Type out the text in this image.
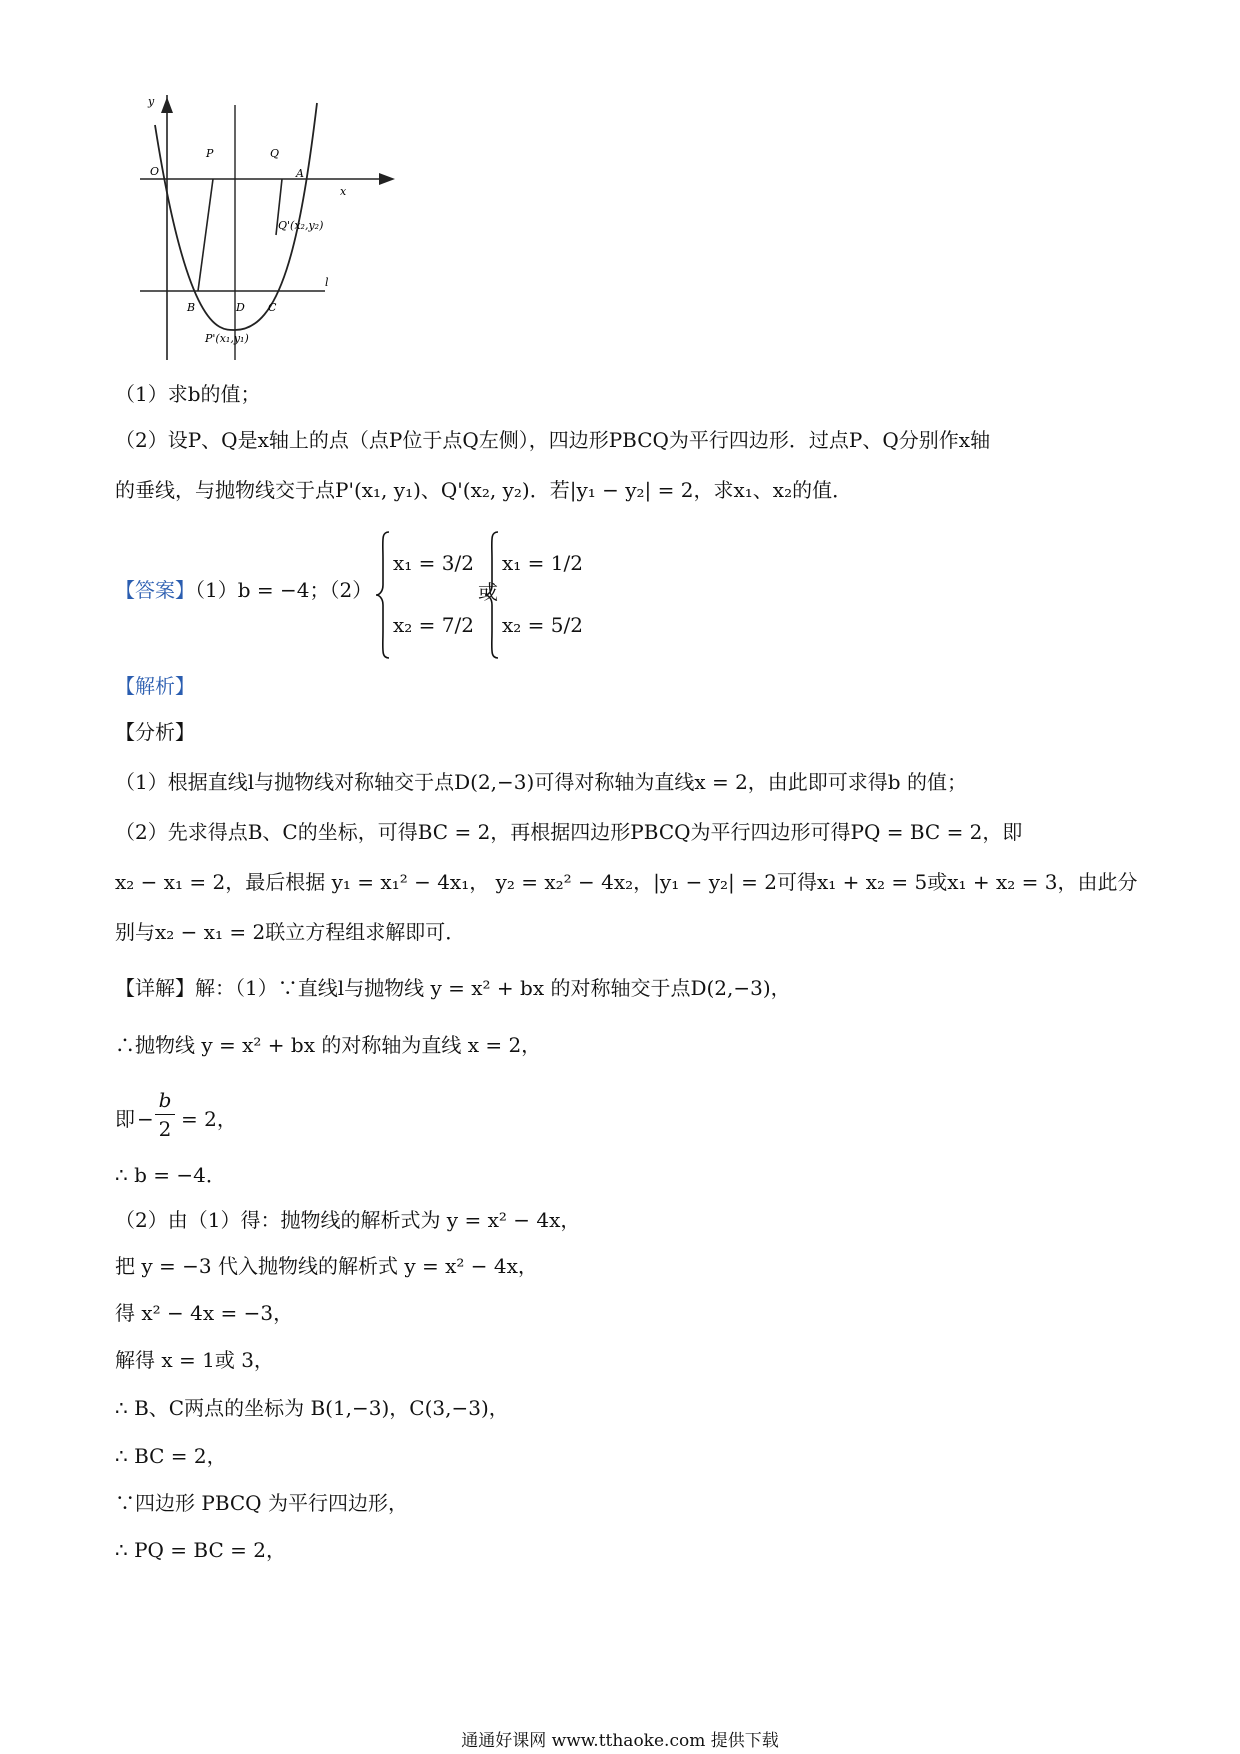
y
x
O
P	Q
A
Q'(x₂,y₂)
l
B	D C
P'(x₁,y₁)
（1）求b的值；
（2）设P、Q是x轴上的点（点P位于点Q左侧），四边形PBCQ为平行四边形．过点P、Q分别作x轴
的垂线，与抛物线交于点P'(x₁, y₁)、Q'(x₂, y₂)．若|y₁ − y₂| = 2，求x₁、x₂的值．
【答案】（1）b = −4；（2）
x₁ = 3/2
x₂ = 7/2
或
x₁ = 1/2
x₂ = 5/2
【解析】
【分析】
（1）根据直线l与抛物线对称轴交于点D(2,−3)可得对称轴为直线x = 2，由此即可求得b 的值；
（2）先求得点B、C的坐标，可得BC = 2，再根据四边形PBCQ为平行四边形可得PQ = BC = 2，即
x₂ − x₁ = 2，最后根据 y₁ = x₁² − 4x₁， y₂ = x₂² − 4x₂，|y₁ − y₂| = 2可得x₁ + x₂ = 5或x₁ + x₂ = 3，由此分
别与x₂ − x₁ = 2联立方程组求解即可．
【详解】解：（1）∵直线l与抛物线 y = x² + bx 的对称轴交于点D(2,−3)，
∴抛物线 y = x² + bx 的对称轴为直线 x = 2，
即 −
b
2 = 2，
∴ b = −4．
（2）由（1）得：抛物线的解析式为 y = x² − 4x，
把 y = −3 代入抛物线的解析式 y = x² − 4x，
得 x² − 4x = −3，
解得 x = 1或 3，
∴ B、C两点的坐标为 B(1,−3)，C(3,−3)，
∴ BC = 2，
∵四边形 PBCQ 为平行四边形，
∴ PQ = BC = 2，
通通好课网 www.tthaoke.com 提供下载
